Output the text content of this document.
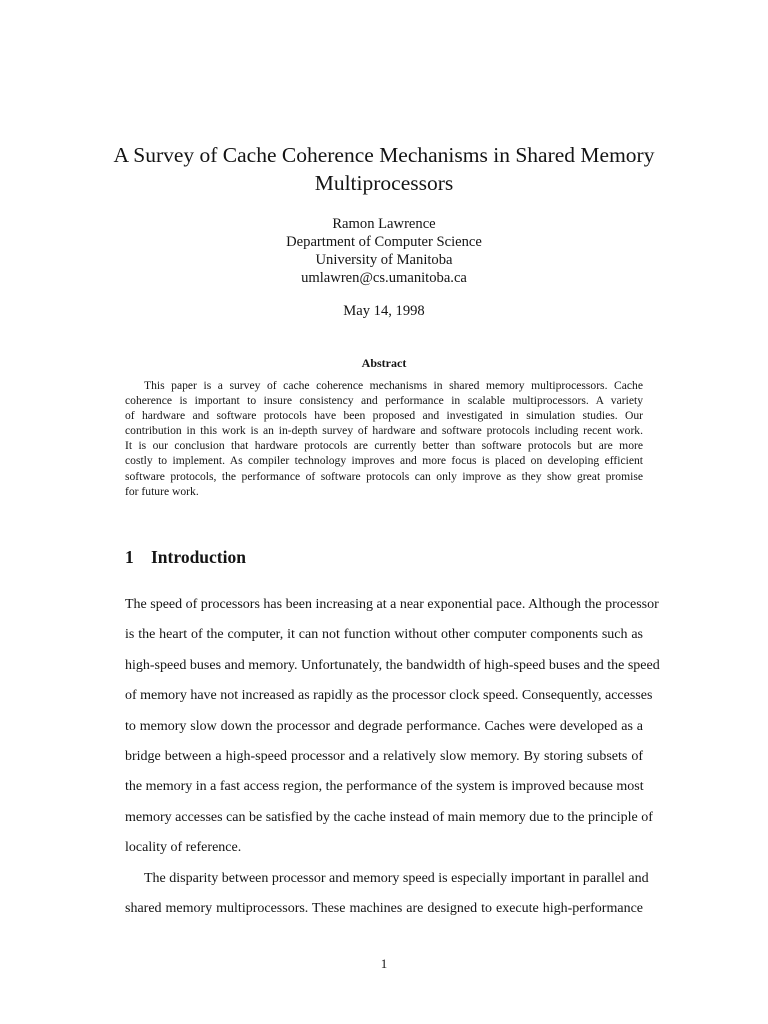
A Survey of Cache Coherence Mechanisms in Shared Memory
Multiprocessors
Ramon Lawrence
Department of Computer Science
University of Manitoba
umlawren@cs.umanitoba.ca
May 14, 1998
Abstract
This paper is a survey of cache coherence mechanisms in shared memory multiprocessors. Cache
coherence is important to insure consistency and performance in scalable multiprocessors. A variety
of hardware and software protocols have been proposed and investigated in simulation studies. Our
contribution in this work is an in-depth survey of hardware and software protocols including recent work.
It is our conclusion that hardware protocols are currently better than software protocols but are more
costly to implement. As compiler technology improves and more focus is placed on developing efficient
software protocols, the performance of software protocols can only improve as they show great promise
for future work.
1 Introduction
The speed of processors has been increasing at a near exponential pace. Although the processor
is the heart of the computer, it can not function without other computer components such as
high-speed buses and memory. Unfortunately, the bandwidth of high-speed buses and the speed
of memory have not increased as rapidly as the processor clock speed. Consequently, accesses
to memory slow down the processor and degrade performance. Caches were developed as a
bridge between a high-speed processor and a relatively slow memory. By storing subsets of
the memory in a fast access region, the performance of the system is improved because most
memory accesses can be satisfied by the cache instead of main memory due to the principle of
locality of reference.
The disparity between processor and memory speed is especially important in parallel and
shared memory multiprocessors. These machines are designed to execute high-performance
1
